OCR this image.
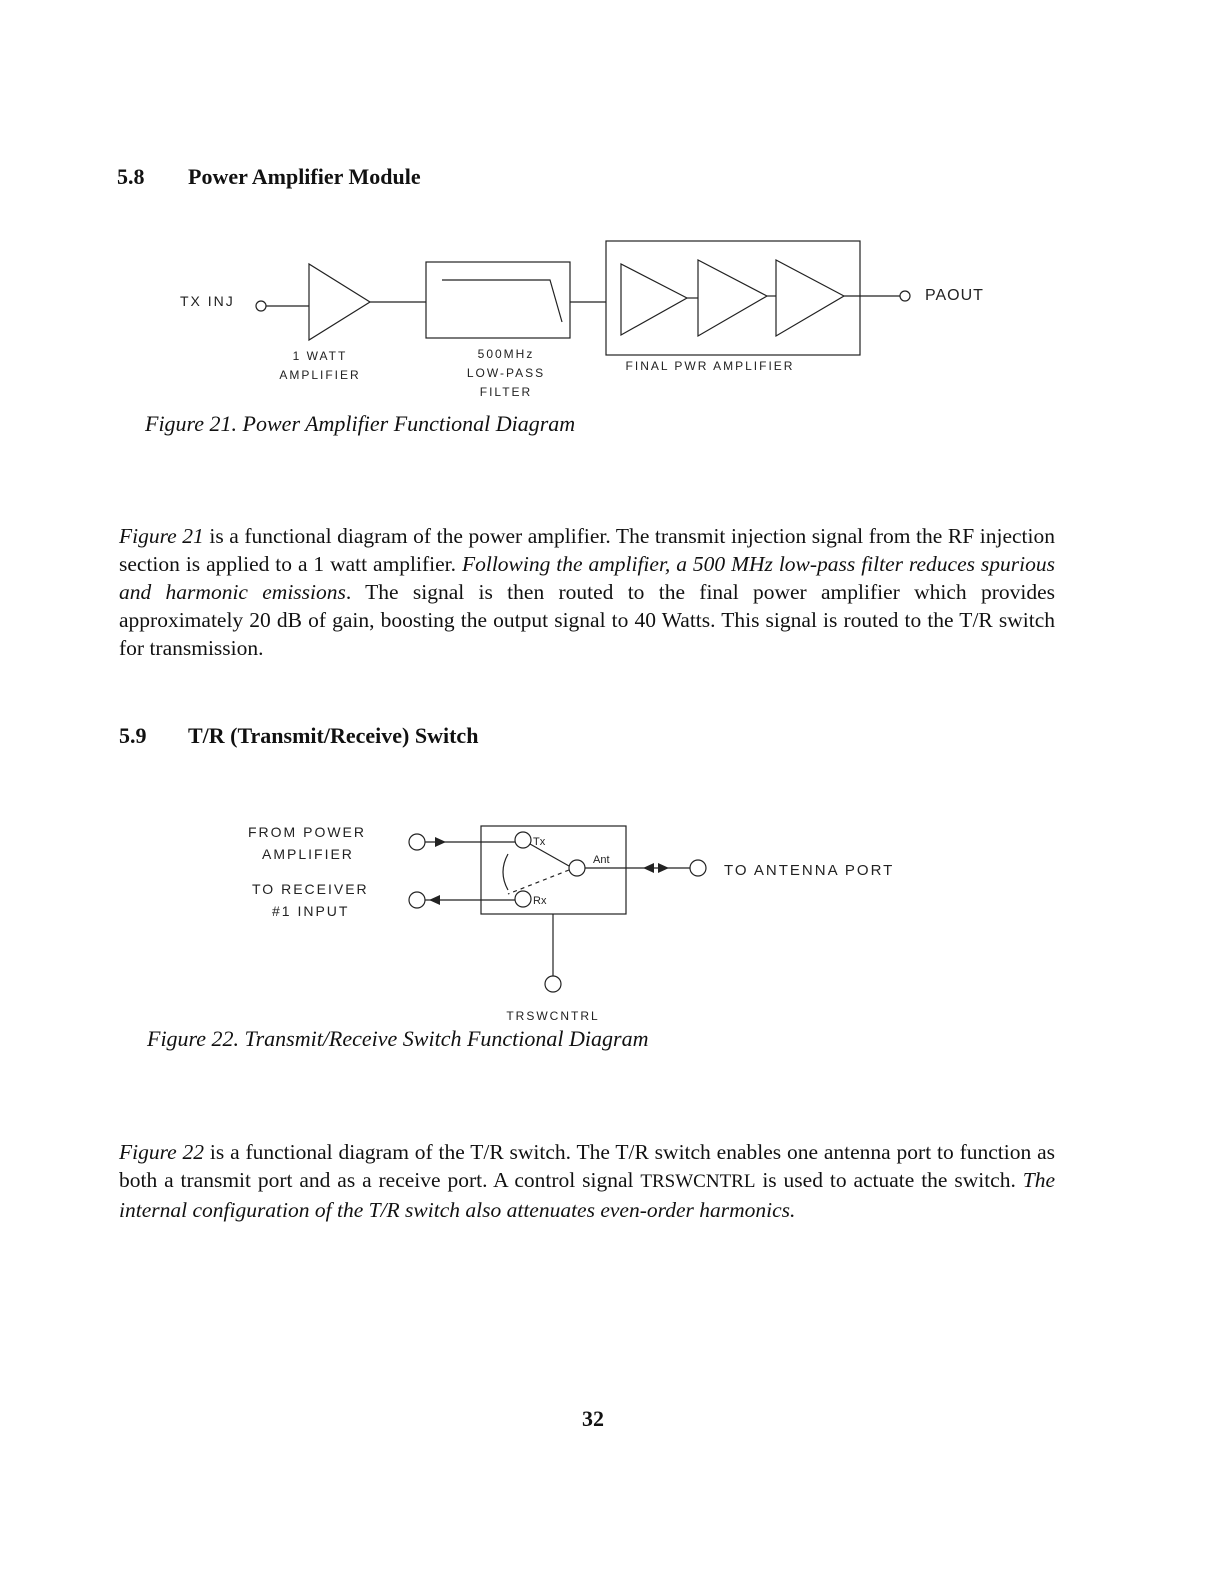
5.8 Power Amplifier Module
TX INJ	PAOUT
1 WATT
AMPLIFIER
500MHz
LOW-PASS
FILTER
FINAL PWR AMPLIFIER
Figure 21. Power Amplifier Functional Diagram

Figure 21 is a functional diagram of the power amplifier. The transmit injection signal from the RF injection section is applied to a 1 watt amplifier. Following the amplifier, a 500 MHz low-pass filter reduces spurious and harmonic emissions. The signal is then routed to the final power amplifier which provides approximately 20 dB of gain, boosting the output signal to 40 Watts. This signal is routed to the T/R switch for transmission.

5.9 T/R (Transmit/Receive) Switch
FROM POWER
AMPLIFIER
TO RECEIVER
#1 INPUT
Tx
Rx
Ant
TO ANTENNA PORT
TRSWCNTRL
Figure 22. Transmit/Receive Switch Functional Diagram

Figure 22 is a functional diagram of the T/R switch. The T/R switch enables one antenna port to function as both a transmit port and as a receive port. A control signal TRSWCNTRL is used to actuate the switch. The internal configuration of the T/R switch also attenuates even-order harmonics.

32
